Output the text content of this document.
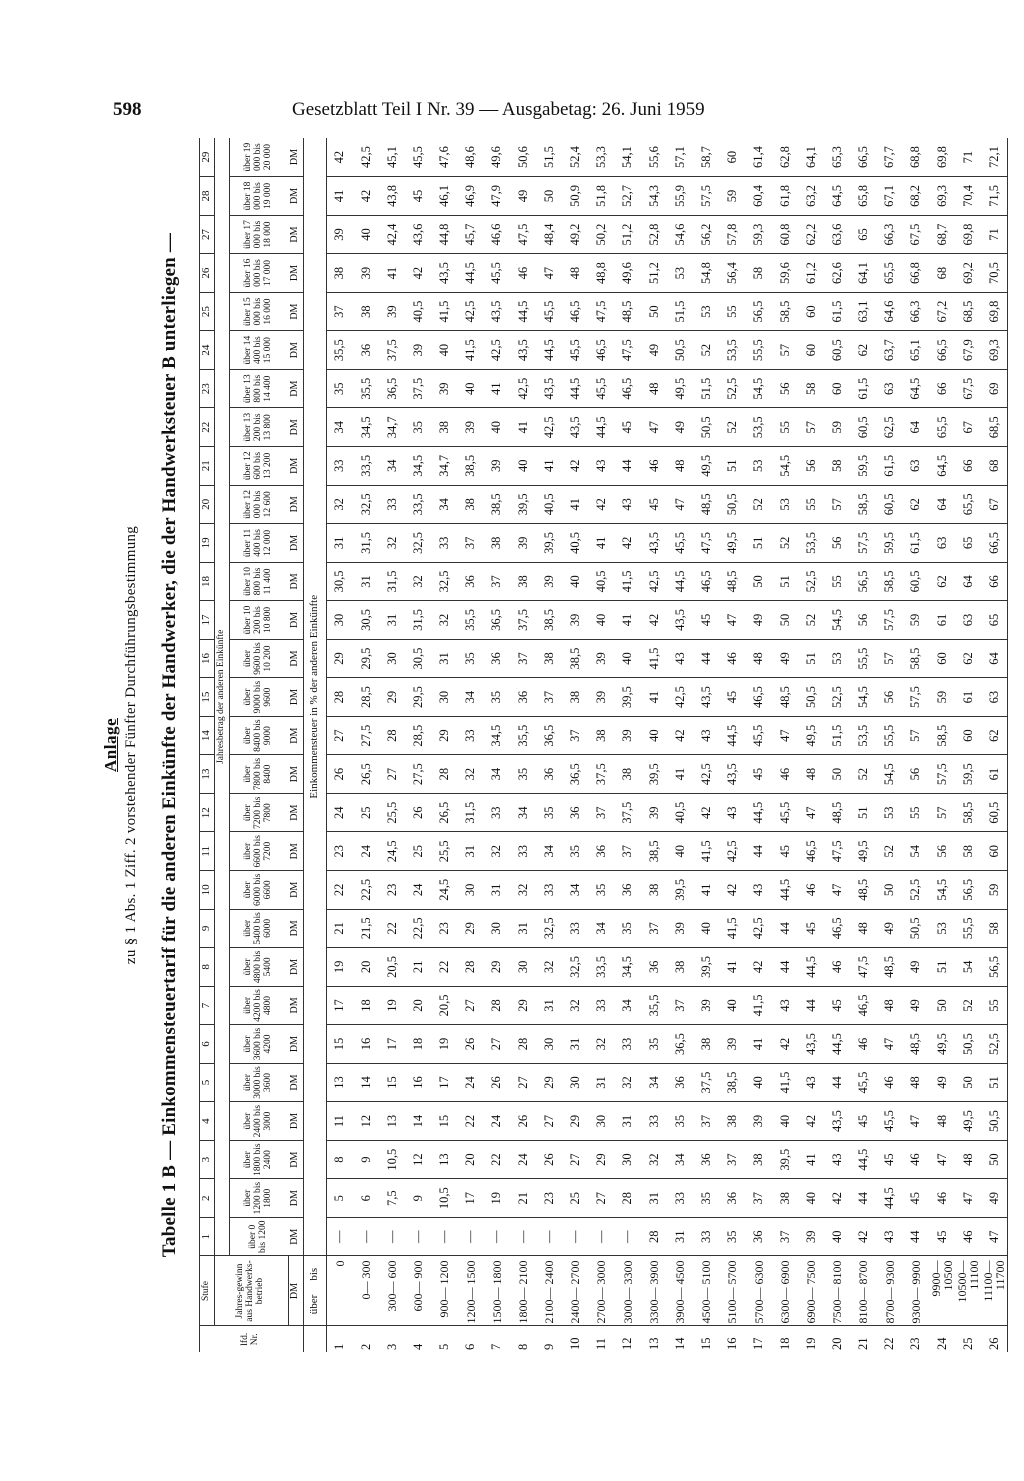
598	Gesetzblatt Teil I Nr. 39 — Ausgabetag: 26. Juni 1959
Anlage zu § 1 Abs. 1 Ziff. 2 vorstehender Fünfter Durchführungsbestimmung Tabelle 1 B — Einkommensteuertarif für die anderen Einkünfte der Handwerker, die der Handwerksteuer B unterliegen —
lfd. Nr.	Stufe	1	2	3	4	5	6	7	8	9	10	11	12	13	14	15	16	17	18	19	20	21	22	23	24	25	26	27	28	29
	Jahres-gewinn aus Handwerks-betrieb	Jahresbetrag der anderen Einkünfte																												
		über 0 bis 1200	über 1200 bis 1800	über 1800 bis 2400	über 2400 bis 3000	über 3000 bis 3600	über 3600 bis 4200	über 4200 bis 4800	über 4800 bis 5400	über 5400 bis 6000	über 6000 bis 6600	über 6600 bis 7200	über 7200 bis 7800	über 7800 bis 8400	über 8400 bis 9000	über 9000 bis 9600	über 9600 bis 10 200	über 10 200 bis 10 800	über 10 800 bis 11 400	über 11 400 bis 12 000	über 12 000 bis 12 600	über 12 600 bis 13 200	über 13 200 bis 13 800	über 13 800 bis 14 400	über 14 400 bis 15 000	über 15 000 bis 16 000	über 16 000 bis 17 000	über 17 000 bis 18 000	über 18 000 bis 19 000	über 19 000 bis 20 000
	DM	DM	DM	DM	DM	DM	DM	DM	DM	DM	DM	DM	DM	DM	DM	DM	DM	DM	DM	DM	DM	DM	DM	DM	DM	DM	DM	DM	DM	DM
	überbis	Einkommensteuer in % der anderen Einkünfte																												
1	0	—	5	8	11	13	15	17	19	21	22	23	24	26	27	28	29	30	30,5	31	32	33	34	35	35,5	37	38	39	41	42
2	0— 300	—	6	9	12	14	16	18	20	21,5	22,5	24	25	26,5	27,5	28,5	29,5	30,5	31	31,5	32,5	33,5	34,5	35,5	36	38	39	40	42	42,5
3	300— 600	—	7,5	10,5	13	15	17	19	20,5	22	23	24,5	25,5	27	28	29	30	31	31,5	32	33	34	34,7	36,5	37,5	39	41	42,4	43,8	45,1
4	600— 900	—	9	12	14	16	18	20	21	22,5	24	25	26	27,5	28,5	29,5	30,5	31,5	32	32,5	33,5	34,5	35	37,5	39	40,5	42	43,6	45	45,5
5	900— 1200	—	10,5	13	15	17	19	20,5	22	23	24,5	25,5	26,5	28	29	30	31	32	32,5	33	34	34,7	38	39	40	41,5	43,5	44,8	46,1	47,6
6	1200— 1500	—	17	20	22	24	26	27	28	29	30	31	31,5	32	33	34	35	35,5	36	37	38	38,5	39	40	41,5	42,5	44,5	45,7	46,9	48,6
7	1500— 1800	—	19	22	24	26	27	28	29	30	31	32	33	34	34,5	35	36	36,5	37	38	38,5	39	40	41	42,5	43,5	45,5	46,6	47,9	49,6
8	1800— 2100	—	21	24	26	27	28	29	30	31	32	33	34	35	35,5	36	37	37,5	38	39	39,5	40	41	42,5	43,5	44,5	46	47,5	49	50,6
9	2100— 2400	—	23	26	27	29	30	31	32	32,5	33	34	35	36	36,5	37	38	38,5	39	39,5	40,5	41	42,5	43,5	44,5	45,5	47	48,4	50	51,5
10	2400— 2700	—	25	27	29	30	31	32	32,5	33	34	35	36	36,5	37	38	38,5	39	40	40,5	41	42	43,5	44,5	45,5	46,5	48	49,2	50,9	52,4
11	2700— 3000	—	27	29	30	31	32	33	33,5	34	35	36	37	37,5	38	39	39	40	40,5	41	42	43	44,5	45,5	46,5	47,5	48,8	50,2	51,8	53,3
12	3000— 3300	—	28	30	31	32	33	34	34,5	35	36	37	37,5	38	39	39,5	40	41	41,5	42	43	44	45	46,5	47,5	48,5	49,6	51,2	52,7	54,1
13	3300— 3900	28	31	32	33	34	35	35,5	36	37	38	38,5	39	39,5	40	41	41,5	42	42,5	43,5	45	46	47	48	49	50	51,2	52,8	54,3	55,6
14	3900— 4500	31	33	34	35	36	36,5	37	38	39	39,5	40	40,5	41	42	42,5	43	43,5	44,5	45,5	47	48	49	49,5	50,5	51,5	53	54,6	55,9	57,1
15	4500— 5100	33	35	36	37	37,5	38	39	39,5	40	41	41,5	42	42,5	43	43,5	44	45	46,5	47,5	48,5	49,5	50,5	51,5	52	53	54,8	56,2	57,5	58,7
16	5100— 5700	35	36	37	38	38,5	39	40	41	41,5	42	42,5	43	43,5	44,5	45	46	47	48,5	49,5	50,5	51	52	52,5	53,5	55	56,4	57,8	59	60
17	5700— 6300	36	37	38	39	40	41	41,5	42	42,5	43	44	44,5	45	45,5	46,5	48	49	50	51	52	53	53,5	54,5	55,5	56,5	58	59,3	60,4	61,4
18	6300— 6900	37	38	39,5	40	41,5	42	43	44	44	44,5	45	45,5	46	47	48,5	49	50	51	52	53	54,5	55	56	57	58,5	59,6	60,8	61,8	62,8
19	6900— 7500	39	40	41	42	43	43,5	44	44,5	45	46	46,5	47	48	49,5	50,5	51	52	52,5	53,5	55	56	57	58	60	60	61,2	62,2	63,2	64,1
20	7500— 8100	40	42	43	43,5	44	44,5	45	46	46,5	47	47,5	48,5	50	51,5	52,5	53	54,5	55	56	57	58	59	60	60,5	61,5	62,6	63,6	64,5	65,3
21	8100— 8700	42	44	44,5	45	45,5	46	46,5	47,5	48	48,5	49,5	51	52	53,5	54,5	55,5	56	56,5	57,5	58,5	59,5	60,5	61,5	62	63,1	64,1	65	65,8	66,5
22	8700— 9300	43	44,5	45	45,5	46	47	48	48,5	49	50	52	53	54,5	55,5	56	57	57,5	58,5	59,5	60,5	61,5	62,5	63	63,7	64,6	65,5	66,3	67,1	67,7
23	9300— 9900	44	45	46	47	48	48,5	49	49	50,5	52,5	54	55	56	57	57,5	58,5	59	60,5	61,5	62	63	64	64,5	65,1	66,3	66,8	67,5	68,2	68,8
24	9900—10500	45	46	47	48	49	49,5	50	51	53	54,5	56	57	57,5	58,5	59	60	61	62	63	64	64,5	65,5	66	66,5	67,2	68	68,7	69,3	69,8
25	10500—11100	46	47	48	49,5	50	50,5	52	54	55,5	56,5	58	58,5	59,5	60	61	62	63	64	65	65,5	66	67	67,5	67,9	68,5	69,2	69,8	70,4	71
26	11100—11700	47	49	50	50,5	51	52,5	55	56,5	58	59	60	60,5	61	62	63	64	65	66	66,5	67	68	68,5	69	69,3	69,8	70,5	71	71,5	72,1
